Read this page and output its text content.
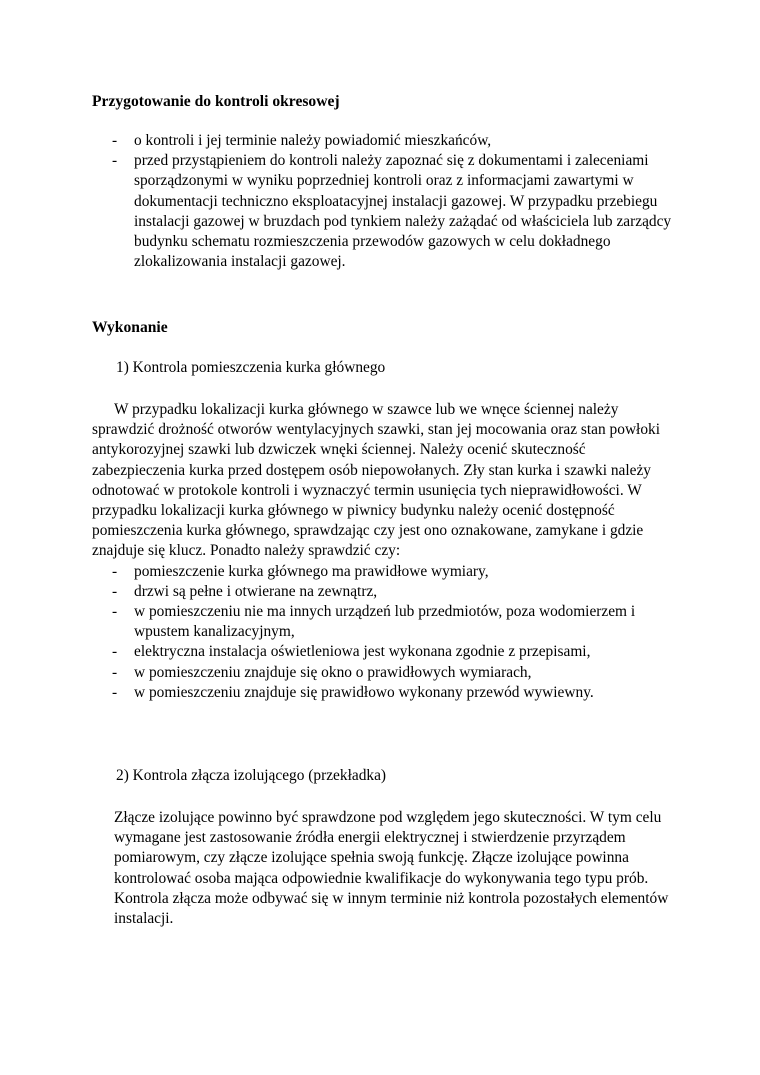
Przygotowanie do kontroli okresowej
-	o kontroli i jej terminie należy powiadomić mieszkańców,
-	przed przystąpieniem do kontroli należy zapoznać się z dokumentami i zaleceniami sporządzonymi w wyniku poprzedniej kontroli oraz z informacjami zawartymi w dokumentacji techniczno eksploatacyjnej instalacji gazowej. W przypadku przebiegu instalacji gazowej w bruzdach pod tynkiem należy zażądać od właściciela lub zarządcy budynku schematu rozmieszczenia przewodów gazowych w celu dokładnego zlokalizowania instalacji gazowej.
Wykonanie
1) Kontrola pomieszczenia kurka głównego

W przypadku lokalizacji kurka głównego w szawce lub we wnęce ściennej należy sprawdzić drożność otworów wentylacyjnych szawki, stan jej mocowania oraz stan powłoki antykorozyjnej szawki lub dzwiczek wnęki ściennej. Należy ocenić skuteczność zabezpieczenia kurka przed dostępem osób niepowołanych. Zły stan kurka i szawki należy odnotować w protokole kontroli i wyznaczyć termin usunięcia tych nieprawidłowości. W przypadku lokalizacji kurka głównego w piwnicy budynku należy ocenić dostępność pomieszczenia kurka głównego, sprawdzając czy jest ono oznakowane, zamykane i gdzie znajduje się klucz. Ponadto należy sprawdzić czy:

-	pomieszczenie kurka głównego ma prawidłowe wymiary,
-	drzwi są pełne i otwierane na zewnątrz,
-	w pomieszczeniu nie ma innych urządzeń lub przedmiotów, poza wodomierzem i wpustem kanalizacyjnym,
-	elektryczna instalacja oświetleniowa jest wykonana zgodnie z przepisami,
-	w pomieszczeniu znajduje się okno o prawidłowych wymiarach,
-	w pomieszczeniu znajduje się prawidłowo wykonany przewód wywiewny.
2) Kontrola złącza izolującego (przekładka)

Złącze izolujące powinno być sprawdzone pod względem jego skuteczności. W tym celu wymagane jest zastosowanie źródła energii elektrycznej i stwierdzenie przyrządem pomiarowym, czy złącze izolujące spełnia swoją funkcję. Złącze izolujące powinna kontrolować osoba mająca odpowiednie kwalifikacje do wykonywania tego typu prób. Kontrola złącza może odbywać się w innym terminie niż kontrola pozostałych elementów instalacji.
